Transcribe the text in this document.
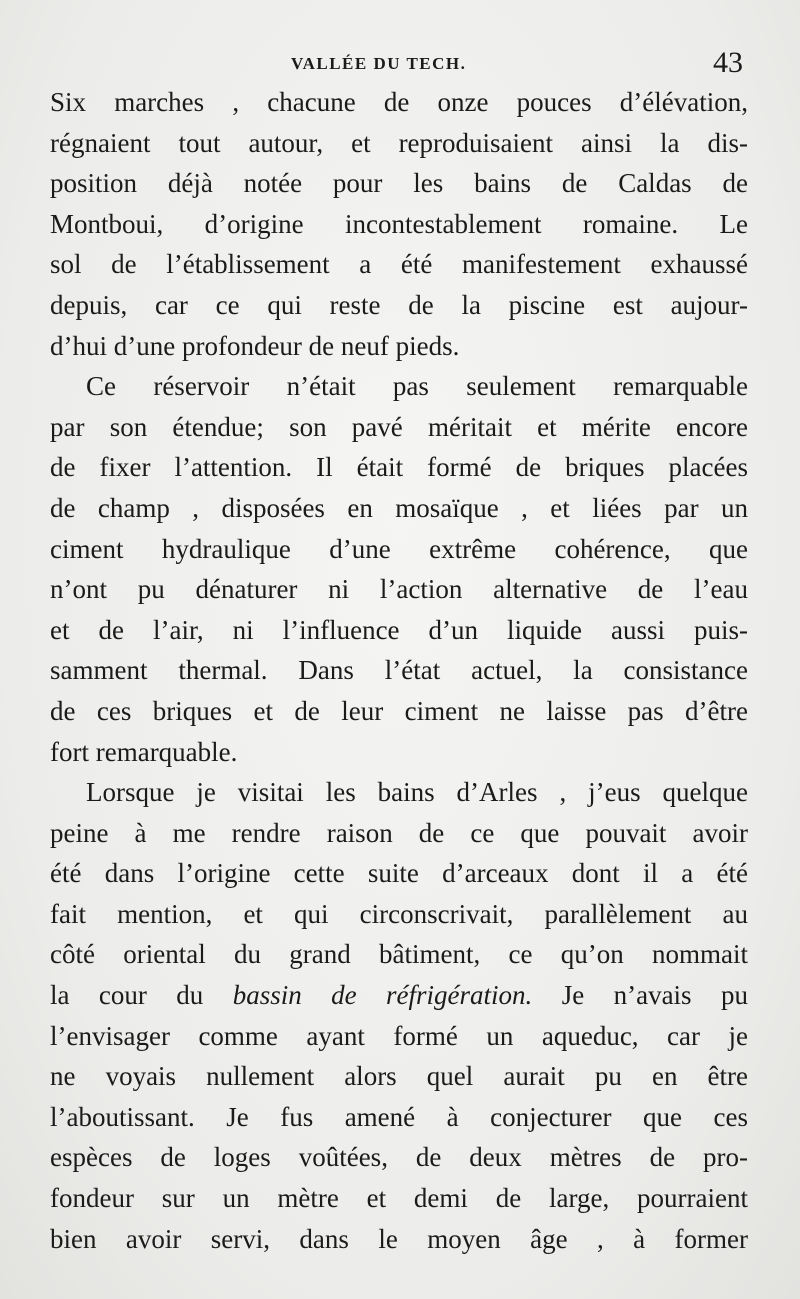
VALLÉE DU TECH.	43
Six marches , chacune de onze pouces d’élévation,
régnaient tout autour, et reproduisaient ainsi la dis-
position déjà notée pour les bains de Caldas de
Montboui, d’origine incontestablement romaine. Le
sol de l’établissement a été manifestement exhaussé
depuis, car ce qui reste de la piscine est aujour-
d’hui d’une profondeur de neuf pieds.
Ce réservoir n’était pas seulement remarquable
par son étendue; son pavé méritait et mérite encore
de fixer l’attention. Il était formé de briques placées
de champ , disposées en mosaïque , et liées par un
ciment hydraulique d’une extrême cohérence, que
n’ont pu dénaturer ni l’action alternative de l’eau
et de l’air, ni l’influence d’un liquide aussi puis-
samment thermal. Dans l’état actuel, la consistance
de ces briques et de leur ciment ne laisse pas d’être
fort remarquable.
Lorsque je visitai les bains d’Arles , j’eus quelque
peine à me rendre raison de ce que pouvait avoir
été dans l’origine cette suite d’arceaux dont il a été
fait mention, et qui circonscrivait, parallèlement au
côté oriental du grand bâtiment, ce qu’on nommait
la cour du bassin de réfrigération. Je n’avais pu
l’envisager comme ayant formé un aqueduc, car je
ne voyais nullement alors quel aurait pu en être
l’aboutissant. Je fus amené à conjecturer que ces
espèces de loges voûtées, de deux mètres de pro-
fondeur sur un mètre et demi de large, pourraient
bien avoir servi, dans le moyen âge , à former
